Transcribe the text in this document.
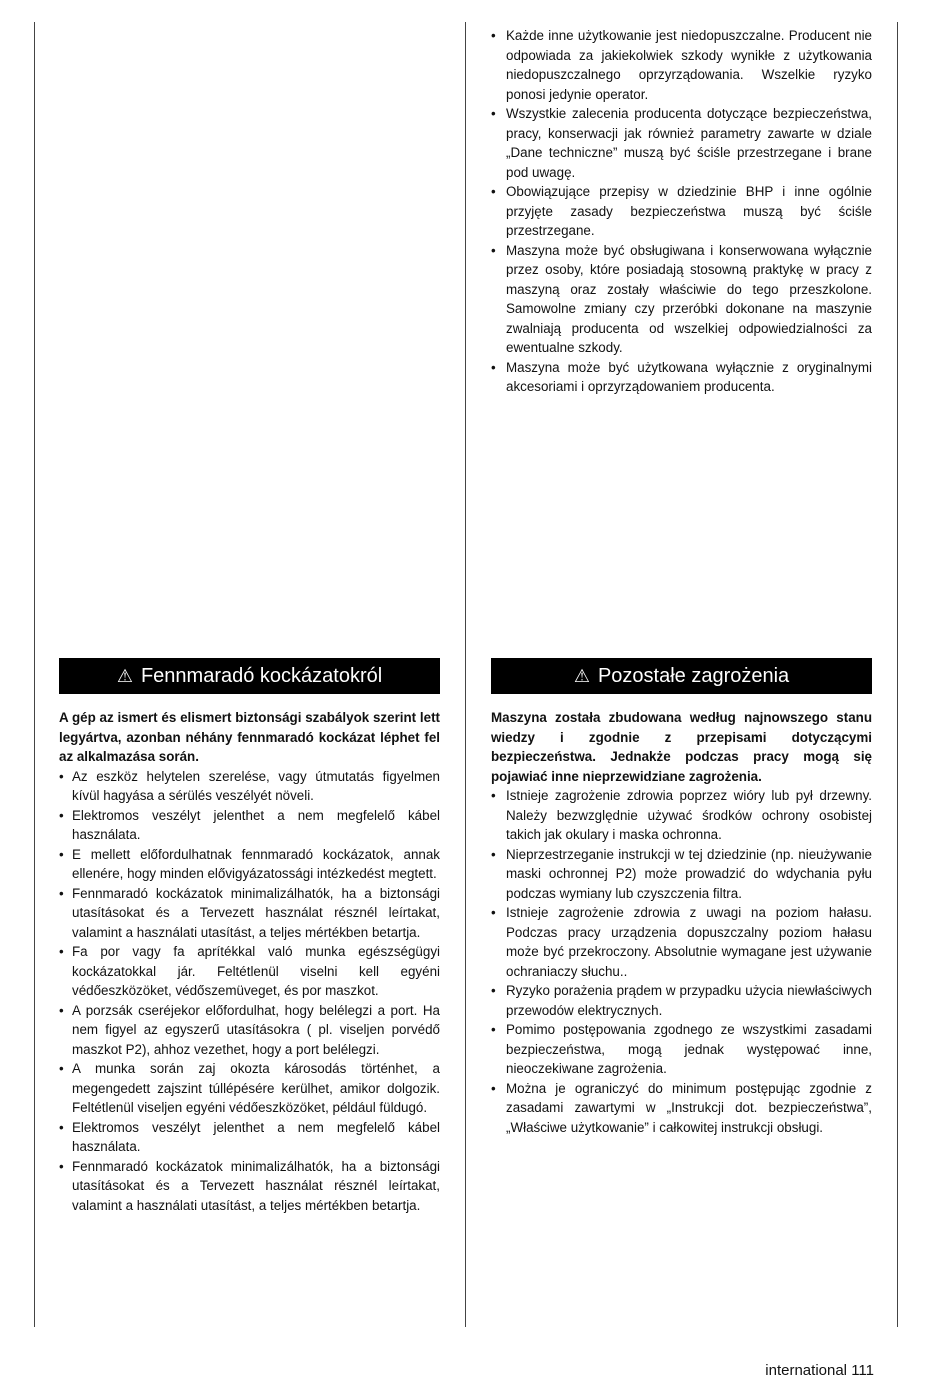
• Każde inne użytkowanie jest niedopuszczalne. Producent nie odpowiada za jakiekolwiek szkody wynikłe z użytkowania niedopuszczalnego oprzyrządowania. Wszelkie ryzyko ponosi jedynie operator.
• Wszystkie zalecenia producenta dotyczące bezpieczeństwa, pracy, konserwacji jak również parametry zawarte w dziale „Dane techniczne” muszą być ściśle przestrzegane i brane pod uwagę.
• Obowiązujące przepisy w dziedzinie BHP i inne ogólnie przyjęte zasady bezpieczeństwa muszą być ściśle przestrzegane.
• Maszyna może być obsługiwana i konserwowana wyłącznie przez osoby, które posiadają stosowną praktykę w pracy z maszyną oraz zostały właściwie do tego przeszkolone. Samowolne zmiany czy przeróbki dokonane na maszynie zwalniają producenta od wszelkiej odpowiedzialności za ewentualne szkody.
• Maszyna może być użytkowana wyłącznie z oryginalnymi akcesoriami i oprzyrządowaniem producenta.
⚠ Fennmaradó kockázatokról	⚠ Pozostałe zagrożenia

A gép az ismert és elismert biztonsági szabályok szerint lett legyártva, azonban néhány fennmaradó kockázat léphet fel az alkalmazása során.

• Az eszköz helytelen szerelése, vagy útmutatás figyelmen kívül hagyása a sérülés veszélyét növeli.
• Elektromos veszélyt jelenthet a nem megfelelő kábel használata.
• E mellett előfordulhatnak fennmaradó kockázatok, annak ellenére, hogy minden elővigyázatossági intézkedést megtett.
• Fennmaradó kockázatok minimalizálhatók, ha a biztonsági utasításokat és a Tervezett használat résznél leírtakat, valamint a használati utasítást, a teljes mértékben betartja.
• Fa por vagy fa aprítékkal való munka egészségügyi kockázatokkal jár. Feltétlenül viselni kell egyéni védőeszközöket, védőszemüveget, és por maszkot.
• A porzsák cseréjekor előfordulhat, hogy belélegzi a port. Ha nem figyel az egyszerű utasításokra ( pl. viseljen porvédő maszkot P2), ahhoz vezethet, hogy a port belélegzi.
• A munka során zaj okozta károsodás történhet, a megengedett zajszint túllépésére kerülhet, amikor dolgozik. Feltétlenül viseljen egyéni védőeszközöket, például füldugó.
• Elektromos veszélyt jelenthet a nem megfelelő kábel használata.
• Fennmaradó kockázatok minimalizálhatók, ha a biztonsági utasításokat és a Tervezett használat résznél leírtakat, valamint a használati utasítást, a teljes mértékben betartja.

Maszyna została zbudowana według najnowszego stanu wiedzy i zgodnie z przepisami dotyczącymi bezpieczeństwa. Jednakże podczas pracy mogą się pojawiać inne nieprzewidziane zagrożenia.

• Istnieje zagrożenie zdrowia poprzez wióry lub pył drzewny. Należy bezwzględnie używać środków ochrony osobistej takich jak okulary i maska ochronna.
• Nieprzestrzeganie instrukcji w tej dziedzinie (np. nieużywanie maski ochronnej P2) może prowadzić do wdychania pyłu podczas wymiany lub czyszczenia filtra.
• Istnieje zagrożenie zdrowia z uwagi na poziom hałasu. Podczas pracy urządzenia dopuszczalny poziom hałasu może być przekroczony. Absolutnie wymagane jest używanie ochraniaczy słuchu..
• Ryzyko porażenia prądem w przypadku użycia niewłaściwych przewodów elektrycznych.
• Pomimo postępowania zgodnego ze wszystkimi zasadami bezpieczeństwa, mogą jednak występować inne, nieoczekiwane zagrożenia.
• Można je ograniczyć do minimum postępując zgodnie z zasadami zawartymi w „Instrukcji dot. bezpieczeństwa”, „Właściwe użytkowanie” i całkowitej instrukcji obsługi.
international 111
